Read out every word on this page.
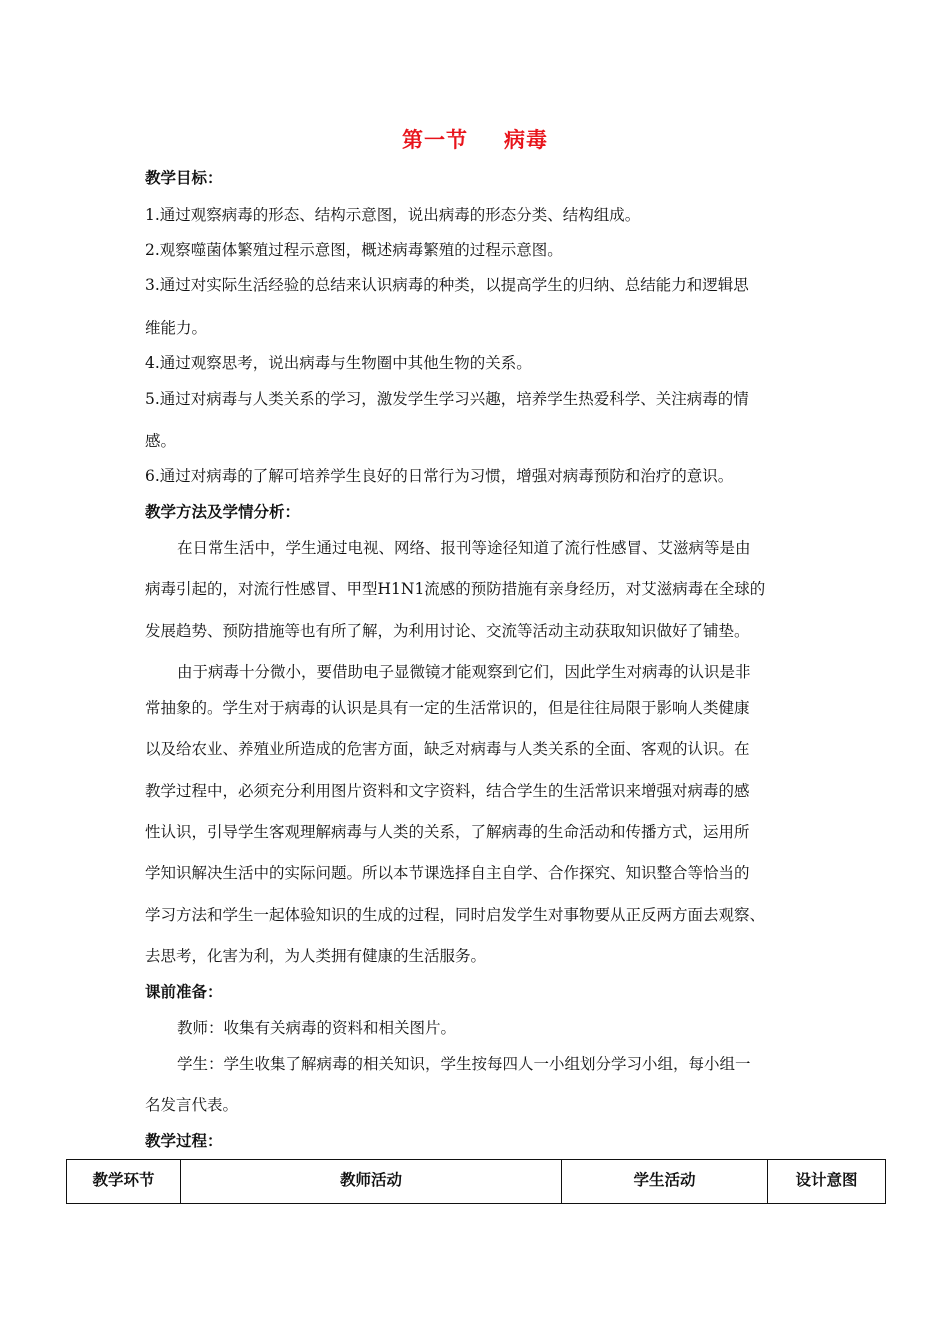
第一节 病毒
教学目标：
1.通过观察病毒的形态、结构示意图，说出病毒的形态分类、结构组成。
2.观察噬菌体繁殖过程示意图，概述病毒繁殖的过程示意图。
3.通过对实际生活经验的总结来认识病毒的种类，以提高学生的归纳、总结能力和逻辑思
维能力。
4.通过观察思考，说出病毒与生物圈中其他生物的关系。
5.通过对病毒与人类关系的学习，激发学生学习兴趣，培养学生热爱科学、关注病毒的情
感。
6.通过对病毒的了解可培养学生良好的日常行为习惯，增强对病毒预防和治疗的意识。
教学方法及学情分析：
在日常生活中，学生通过电视、网络、报刊等途径知道了流行性感冒、艾滋病等是由
病毒引起的，对流行性感冒、甲型H1N1流感的预防措施有亲身经历，对艾滋病毒在全球的
发展趋势、预防措施等也有所了解，为利用讨论、交流等活动主动获取知识做好了铺垫。
由于病毒十分微小，要借助电子显微镜才能观察到它们，因此学生对病毒的认识是非
常抽象的。学生对于病毒的认识是具有一定的生活常识的，但是往往局限于影响人类健康
以及给农业、养殖业所造成的危害方面，缺乏对病毒与人类关系的全面、客观的认识。在
教学过程中，必须充分利用图片资料和文字资料，结合学生的生活常识来增强对病毒的感
性认识，引导学生客观理解病毒与人类的关系，了解病毒的生命活动和传播方式，运用所
学知识解决生活中的实际问题。所以本节课选择自主自学、合作探究、知识整合等恰当的
学习方法和学生一起体验知识的生成的过程，同时启发学生对事物要从正反两方面去观察、
去思考，化害为利，为人类拥有健康的生活服务。
课前准备：
教师：收集有关病毒的资料和相关图片。
学生：学生收集了解病毒的相关知识，学生按每四人一小组划分学习小组，每小组一
名发言代表。
教学过程：
教学环节	教师活动	学生活动	设计意图
